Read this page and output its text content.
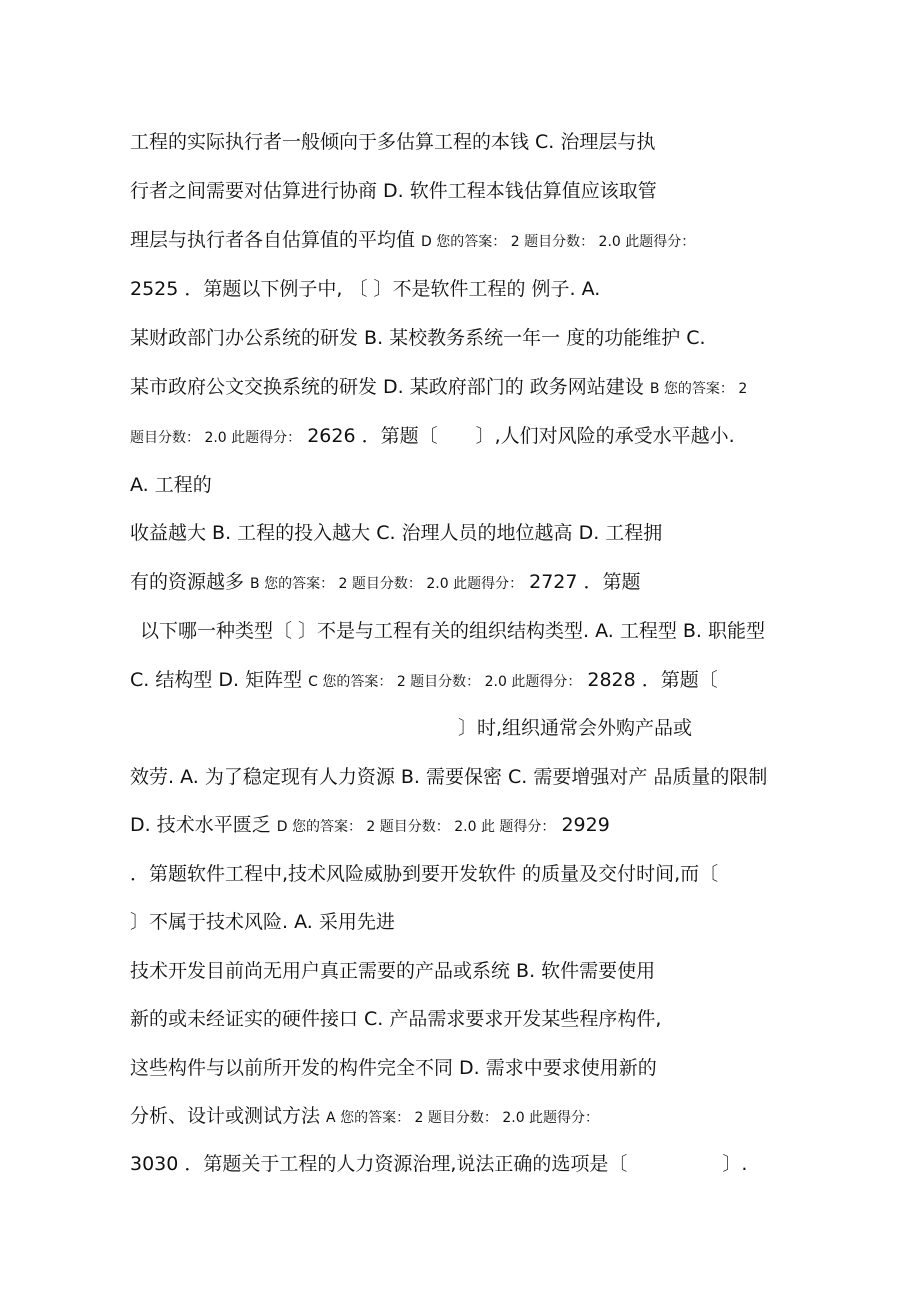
工程的实际执行者一般倾向于多估算工程的本钱 C. 治理层与执
行者之间需要对估算进行协商 D. 软件工程本钱估算值应该取管
理层与执行者各自估算值的平均值 D 您的答案： 2 题目分数： 2.0 此题得分：
2525 ．第题以下例子中, 〔 〕不是软件工程的 例子. A.
某财政部门办公系统的研发 B. 某校教务系统一年一 度的功能维护 C.
某市政府公文交换系统的研发 D. 某政府部门的 政务网站建设 B 您的答案： 2
题目分数： 2.0 此题得分： 2626 ．第题〔　　〕,人们对风险的承受水平越小.
A. 工程的
收益越大 B. 工程的投入越大 C. 治理人员的地位越高 D. 工程拥
有的资源越多 B 您的答案： 2 题目分数： 2.0 此题得分： 2727 ．第题
以下哪一种类型〔 〕不是与工程有关的组织结构类型. A. 工程型 B. 职能型
C. 结构型 D. 矩阵型 C 您的答案： 2 题目分数： 2.0 此题得分： 2828 ．第题〔
〕时,组织通常会外购产品或
效劳. A. 为了稳定现有人力资源 B. 需要保密 C. 需要增强对产 品质量的限制
D. 技术水平匮乏 D 您的答案： 2 题目分数： 2.0 此 题得分： 2929
．第题软件工程中,技术风险威胁到要开发软件 的质量及交付时间,而〔
〕不属于技术风险. A. 采用先进
技术开发目前尚无用户真正需要的产品或系统 B. 软件需要使用
新的或未经证实的硬件接口 C. 产品需求要求开发某些程序构件,
这些构件与以前所开发的构件完全不同 D. 需求中要求使用新的
分析、设计或测试方法 A 您的答案： 2 题目分数： 2.0 此题得分：
3030 ．第题关于工程的人力资源治理,说法正确的选项是〔　　　　　〕.
